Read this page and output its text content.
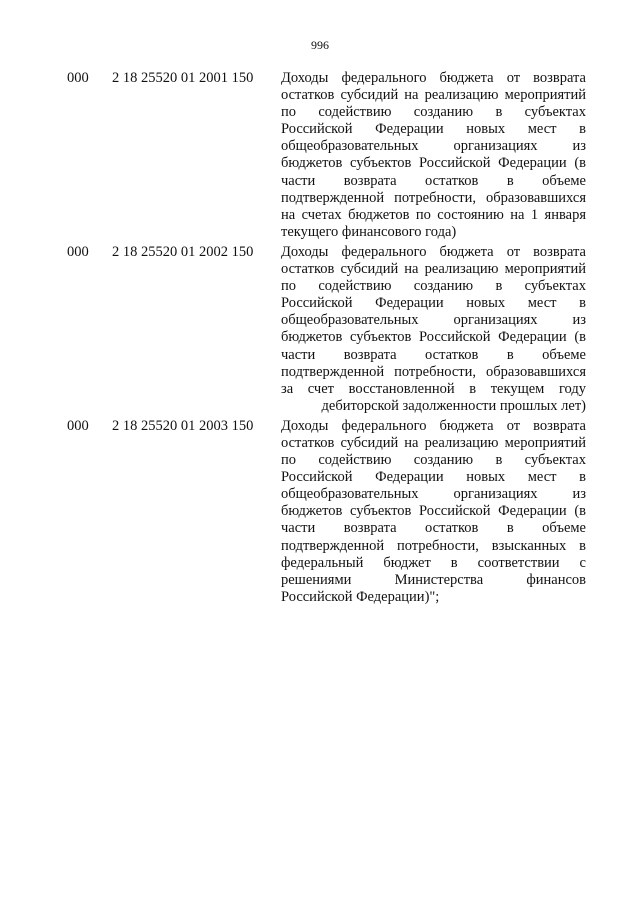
996
000 2 18 25520 01 2001 150 Доходы федерального бюджета от возврата
остатков субсидий на реализацию мероприятий
по содействию созданию в субъектах
Российской Федерации новых мест в
общеобразовательных организациях из
бюджетов субъектов Российской Федерации (в
части возврата остатков в объеме
подтвержденной потребности, образовавшихся
на счетах бюджетов по состоянию на 1 января
текущего финансового года)
000 2 18 25520 01 2002 150 Доходы федерального бюджета от возврата
остатков субсидий на реализацию мероприятий
по содействию созданию в субъектах
Российской Федерации новых мест в
общеобразовательных организациях из
бюджетов субъектов Российской Федерации (в
части возврата остатков в объеме
подтвержденной потребности, образовавшихся
за счет восстановленной в текущем году
дебиторской задолженности прошлых лет)
000 2 18 25520 01 2003 150 Доходы федерального бюджета от возврата
остатков субсидий на реализацию мероприятий
по содействию созданию в субъектах
Российской Федерации новых мест в
общеобразовательных организациях из
бюджетов субъектов Российской Федерации (в
части возврата остатков в объеме
подтвержденной потребности, взысканных в
федеральный бюджет в соответствии с
решениями Министерства финансов
Российской Федерации)";
